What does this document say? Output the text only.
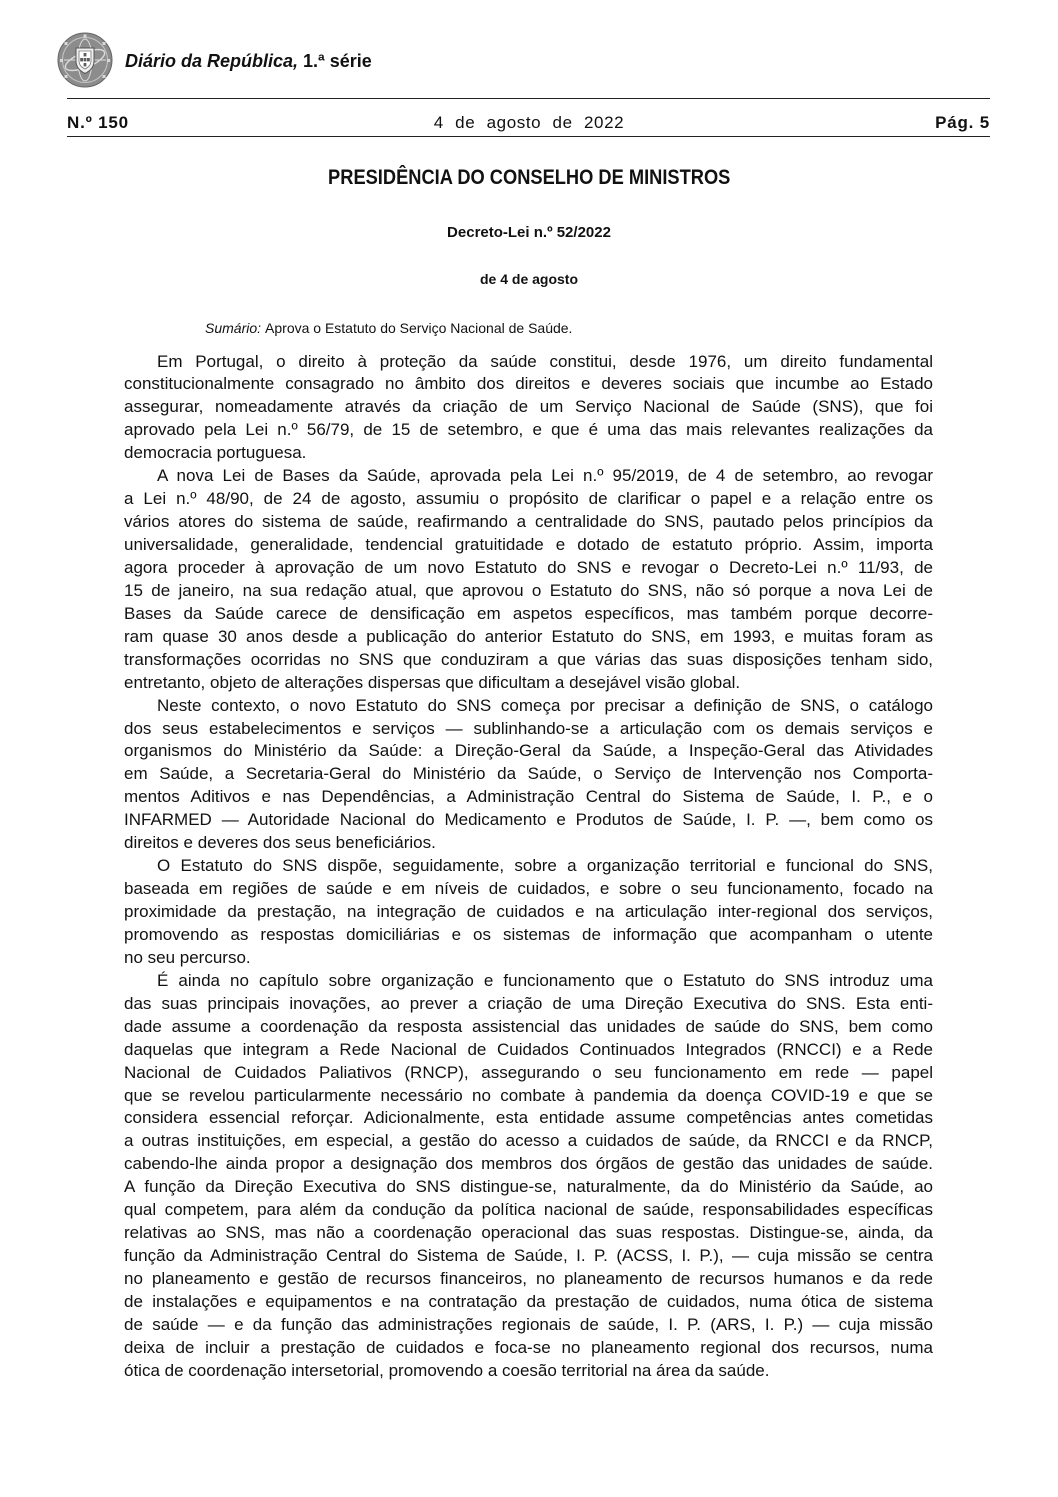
Diário da República, 1.ª série
N.º 150	4 de agosto de 2022	Pág. 5
PRESIDÊNCIA DO CONSELHO DE MINISTROS
Decreto-Lei n.º 52/2022
de 4 de agosto
Sumário: Aprova o Estatuto do Serviço Nacional de Saúde.
Em Portugal, o direito à proteção da saúde constitui, desde 1976, um direito fundamental
constitucionalmente consagrado no âmbito dos direitos e deveres sociais que incumbe ao Estado
assegurar, nomeadamente através da criação de um Serviço Nacional de Saúde (SNS), que foi
aprovado pela Lei n.º 56/79, de 15 de setembro, e que é uma das mais relevantes realizações da
democracia portuguesa.
A nova Lei de Bases da Saúde, aprovada pela Lei n.º 95/2019, de 4 de setembro, ao revogar
a Lei n.º 48/90, de 24 de agosto, assumiu o propósito de clarificar o papel e a relação entre os
vários atores do sistema de saúde, reafirmando a centralidade do SNS, pautado pelos princípios da
universalidade, generalidade, tendencial gratuitidade e dotado de estatuto próprio. Assim, importa
agora proceder à aprovação de um novo Estatuto do SNS e revogar o Decreto-Lei n.º 11/93, de
15 de janeiro, na sua redação atual, que aprovou o Estatuto do SNS, não só porque a nova Lei de
Bases da Saúde carece de densificação em aspetos específicos, mas também porque decorre-
ram quase 30 anos desde a publicação do anterior Estatuto do SNS, em 1993, e muitas foram as
transformações ocorridas no SNS que conduziram a que várias das suas disposições tenham sido,
entretanto, objeto de alterações dispersas que dificultam a desejável visão global.
Neste contexto, o novo Estatuto do SNS começa por precisar a definição de SNS, o catálogo
dos seus estabelecimentos e serviços — sublinhando-se a articulação com os demais serviços e
organismos do Ministério da Saúde: a Direção-Geral da Saúde, a Inspeção-Geral das Atividades
em Saúde, a Secretaria-Geral do Ministério da Saúde, o Serviço de Intervenção nos Comporta-
mentos Aditivos e nas Dependências, a Administração Central do Sistema de Saúde, I. P., e o
INFARMED — Autoridade Nacional do Medicamento e Produtos de Saúde, I. P. —, bem como os
direitos e deveres dos seus beneficiários.
O Estatuto do SNS dispõe, seguidamente, sobre a organização territorial e funcional do SNS,
baseada em regiões de saúde e em níveis de cuidados, e sobre o seu funcionamento, focado na
proximidade da prestação, na integração de cuidados e na articulação inter-regional dos serviços,
promovendo as respostas domiciliárias e os sistemas de informação que acompanham o utente
no seu percurso.
É ainda no capítulo sobre organização e funcionamento que o Estatuto do SNS introduz uma
das suas principais inovações, ao prever a criação de uma Direção Executiva do SNS. Esta enti-
dade assume a coordenação da resposta assistencial das unidades de saúde do SNS, bem como
daquelas que integram a Rede Nacional de Cuidados Continuados Integrados (RNCCI) e a Rede
Nacional de Cuidados Paliativos (RNCP), assegurando o seu funcionamento em rede — papel
que se revelou particularmente necessário no combate à pandemia da doença COVID-19 e que se
considera essencial reforçar. Adicionalmente, esta entidade assume competências antes cometidas
a outras instituições, em especial, a gestão do acesso a cuidados de saúde, da RNCCI e da RNCP,
cabendo-lhe ainda propor a designação dos membros dos órgãos de gestão das unidades de saúde.
A função da Direção Executiva do SNS distingue-se, naturalmente, da do Ministério da Saúde, ao
qual competem, para além da condução da política nacional de saúde, responsabilidades específicas
relativas ao SNS, mas não a coordenação operacional das suas respostas. Distingue-se, ainda, da
função da Administração Central do Sistema de Saúde, I. P. (ACSS, I. P.), — cuja missão se centra
no planeamento e gestão de recursos financeiros, no planeamento de recursos humanos e da rede
de instalações e equipamentos e na contratação da prestação de cuidados, numa ótica de sistema
de saúde — e da função das administrações regionais de saúde, I. P. (ARS, I. P.) — cuja missão
deixa de incluir a prestação de cuidados e foca-se no planeamento regional dos recursos, numa
ótica de coordenação intersetorial, promovendo a coesão territorial na área da saúde.
